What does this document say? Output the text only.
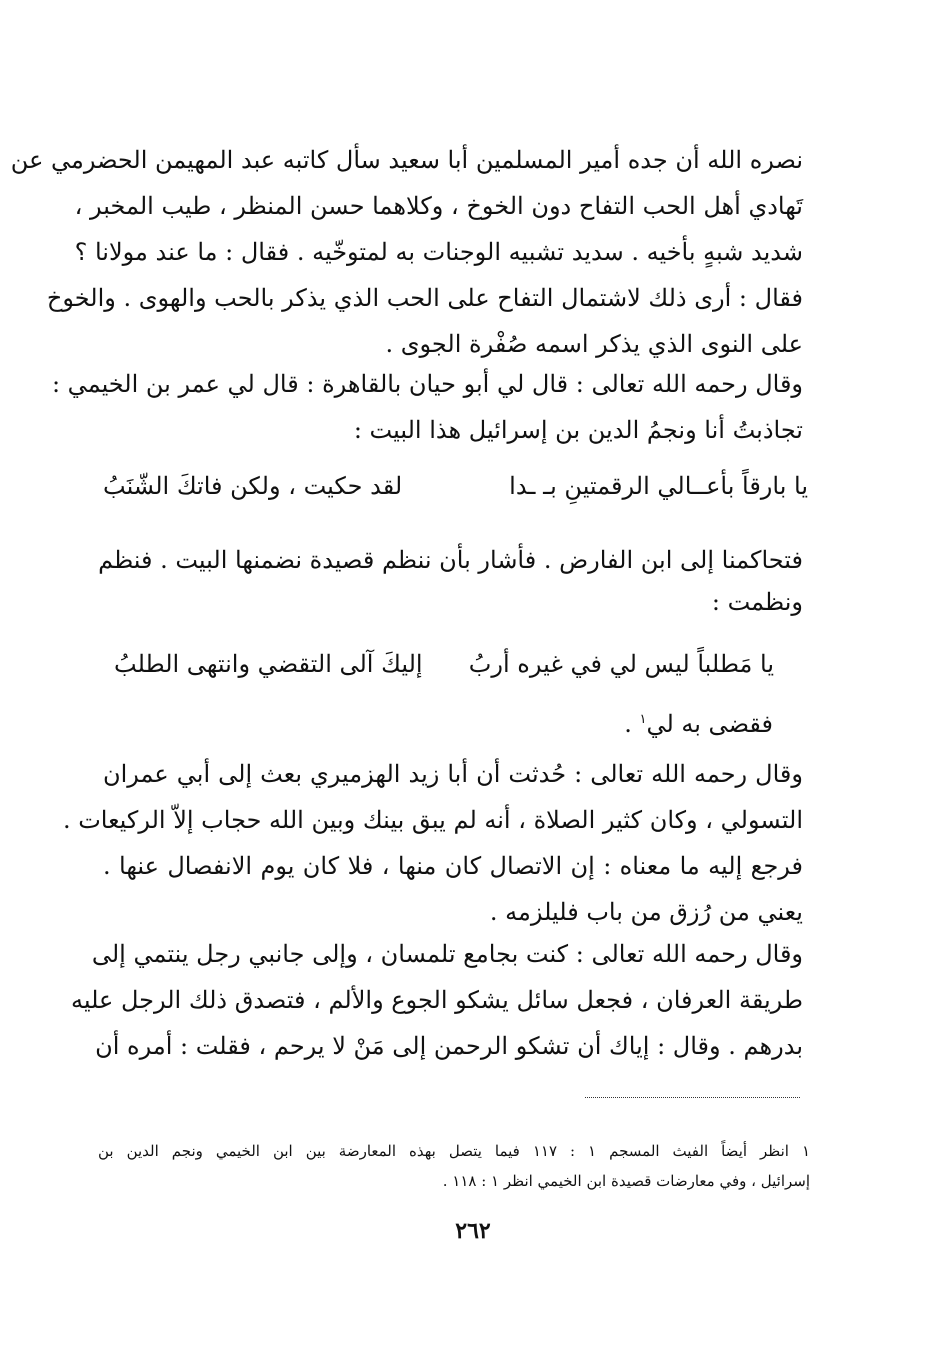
نصره الله أن جده أمير المسلمين أبا سعيد سأل كاتبه عبد المهيمن الحضرمي عن
تَهادي أهل الحب التفاح دون الخوخ ، وكلاهما حسن المنظر ، طيب المخبر ،
شديد شبهٍ بأخيه . سديد تشبيه الوجنات به لمتوخّيه . فقال : ما عند مولانا ؟
فقال : أرى ذلك لاشتمال التفاح على الحب الذي يذكر بالحب والهوى . والخوخ
على النوى الذي يذكر اسمه صُفْرة الجوى .
وقال رحمه الله تعالى : قال لي أبو حيان بالقاهرة : قال لي عمر بن الخيمي :
تجاذبتُ أنا ونجمُ الدين بن إسرائيل هذا البيت :
يا بارقاً بأعــالي الرقمتينِ بـ ـدا
لقد حكيت ، ولكن فاتكَ الشّنَبُ
فتحاكمنا إلى ابن الفارض . فأشار بأن ننظم قصيدة نضمنها البيت . فنظم
ونظمت :
يا مَطلباً ليس لي في غيره أربُ
إليكَ آلى التقضي وانتهى الطلبُ
فقضى به لي$^١$ .
وقال رحمه الله تعالى : حُدثت أن أبا زيد الهزميري بعث إلى أبي عمران
التسولي ، وكان كثير الصلاة ، أنه لم يبق بينك وبين الله حجاب إلاّ الركيعات .
فرجع إليه ما معناه : إن الاتصال كان منها ، فلا كان يوم الانفصال عنها .
يعني من رُزق من باب فليلزمه .
وقال رحمه الله تعالى : كنت بجامع تلمسان ، وإلى جانبي رجل ينتمي إلى
طريقة العرفان ، فجعل سائل يشكو الجوع والألم ، فتصدق ذلك الرجل عليه
بدرهم . وقال : إياك أن تشكو الرحمن إلى مَنْ لا يرحم ، فقلت : أمره أن
١ انظر أيضاً الفيث المسجم ١ : ١١٧ فيما يتصل بهذه المعارضة بين ابن الخيمي ونجم الدين بن
إسرائيل ، وفي معارضات قصيدة ابن الخيمي انظر ١ : ١١٨ .
٢٦٢
